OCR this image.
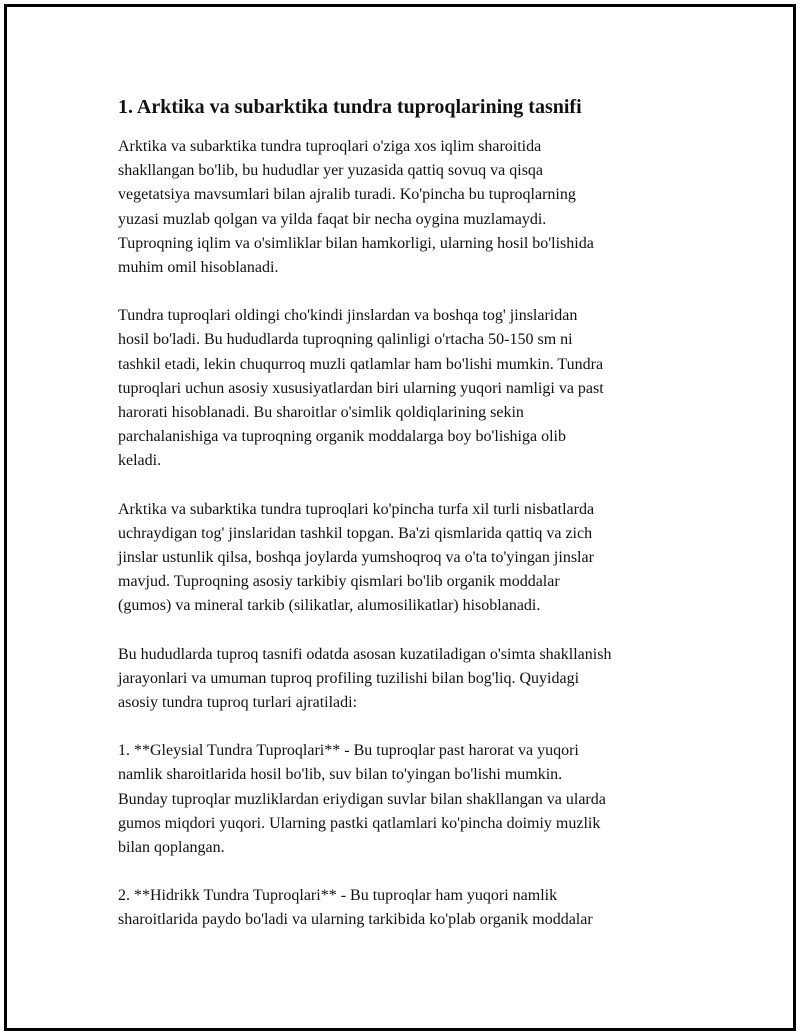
1. Arktika va subarktika tundra tuproqlarining tasnifi

Arktika va subarktika tundra tuproqlari o'ziga xos iqlim sharoitida
shakllangan bo'lib, bu hududlar yer yuzasida qattiq sovuq va qisqa
vegetatsiya mavsumlari bilan ajralib turadi. Ko'pincha bu tuproqlarning
yuzasi muzlab qolgan va yilda faqat bir necha oygina muzlamaydi.
Tuproqning iqlim va o'simliklar bilan hamkorligi, ularning hosil bo'lishida
muhim omil hisoblanadi.

Tundra tuproqlari oldingi cho'kindi jinslardan va boshqa tog' jinslaridan
hosil bo'ladi. Bu hududlarda tuproqning qalinligi o'rtacha 50-150 sm ni
tashkil etadi, lekin chuqurroq muzli qatlamlar ham bo'lishi mumkin. Tundra
tuproqlari uchun asosiy xususiyatlardan biri ularning yuqori namligi va past
harorati hisoblanadi. Bu sharoitlar o'simlik qoldiqlarining sekin
parchalanishiga va tuproqning organik moddalarga boy bo'lishiga olib
keladi.

Arktika va subarktika tundra tuproqlari ko'pincha turfa xil turli nisbatlarda
uchraydigan tog' jinslaridan tashkil topgan. Ba'zi qismlarida qattiq va zich
jinslar ustunlik qilsa, boshqa joylarda yumshoqroq va o'ta to'yingan jinslar
mavjud. Tuproqning asosiy tarkibiy qismlari bo'lib organik moddalar
(gumos) va mineral tarkib (silikatlar, alumosilikatlar) hisoblanadi.

Bu hududlarda tuproq tasnifi odatda asosan kuzatiladigan o'simta shakllanish
jarayonlari va umuman tuproq profiling tuzilishi bilan bog'liq. Quyidagi
asosiy tundra tuproq turlari ajratiladi:

1. **Gleysial Tundra Tuproqlari** - Bu tuproqlar past harorat va yuqori
namlik sharoitlarida hosil bo'lib, suv bilan to'yingan bo'lishi mumkin.
Bunday tuproqlar muzliklardan eriydigan suvlar bilan shakllangan va ularda
gumos miqdori yuqori. Ularning pastki qatlamlari ko'pincha doimiy muzlik
bilan qoplangan.

2. **Hidrikk Tundra Tuproqlari** - Bu tuproqlar ham yuqori namlik
sharoitlarida paydo bo'ladi va ularning tarkibida ko'plab organik moddalar
